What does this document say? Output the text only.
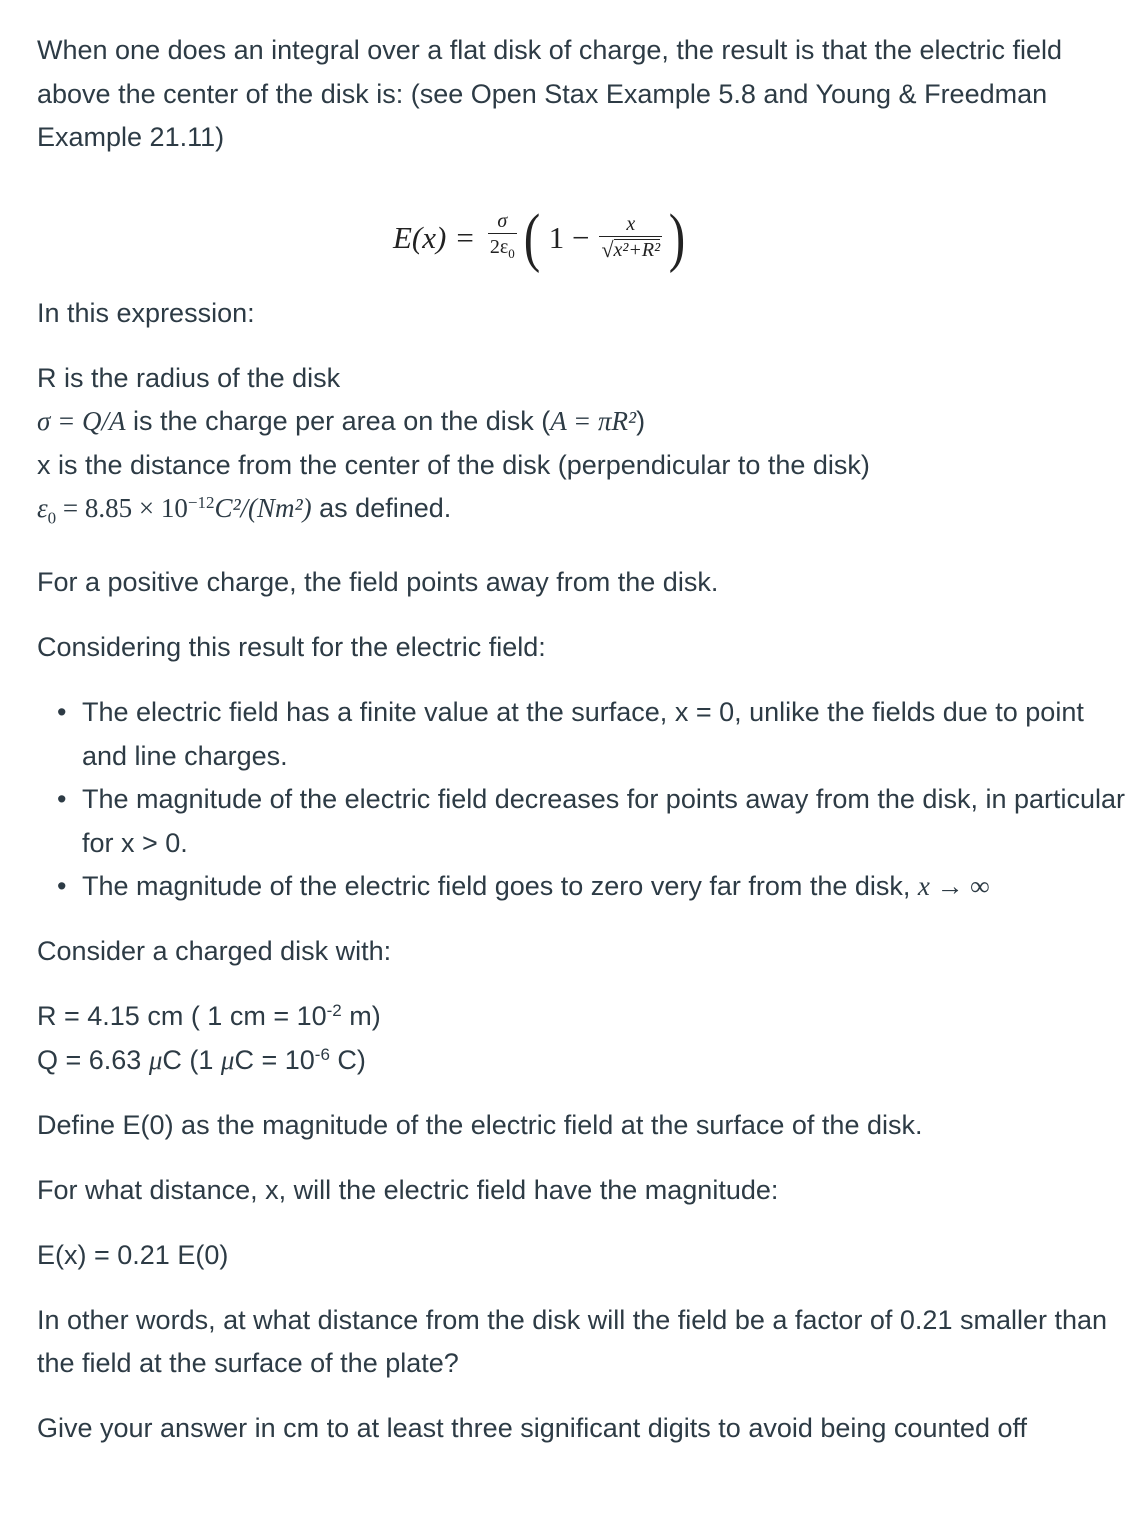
When one does an integral over a flat disk of charge, the result is that the electric field above the center of the disk is: (see Open Stax Example 5.8 and Young & Freedman Example 21.11)

$E(x) = \frac{\sigma}{2\varepsilon_0}$ ( $1 - \frac{x}{\text{√ x²+R²}}$ )

In this expression:

R is the radius of the disk

σ = Q/A is the charge per area on the disk (A = πR²)

x is the distance from the center of the disk (perpendicular to the disk)

$\varepsilon_0 = 8.85 \times 10^{-12}C^2/(Nm^2)$ as defined.

For a positive charge, the field points away from the disk.

Considering this result for the electric field:

• The electric field has a finite value at the surface, x = 0, unlike the fields due to point and line charges.
• The magnitude of the electric field decreases for points away from the disk, in particular for x > 0.
• The magnitude of the electric field goes to zero very far from the disk, x → ∞

Consider a charged disk with:

R = 4.15 cm ( 1 cm = $10^{-2}$ m)

Q = 6.63 μC (1 $\mu C = 10^{-6}$ C)

Define E(0) as the magnitude of the electric field at the surface of the disk.

For what distance, x, will the electric field have the magnitude:

E(x) = 0.21 E(0)

In other words, at what distance from the disk will the field be a factor of 0.21 smaller than the field at the surface of the plate?

Give your answer in cm to at least three significant digits to avoid being counted off
